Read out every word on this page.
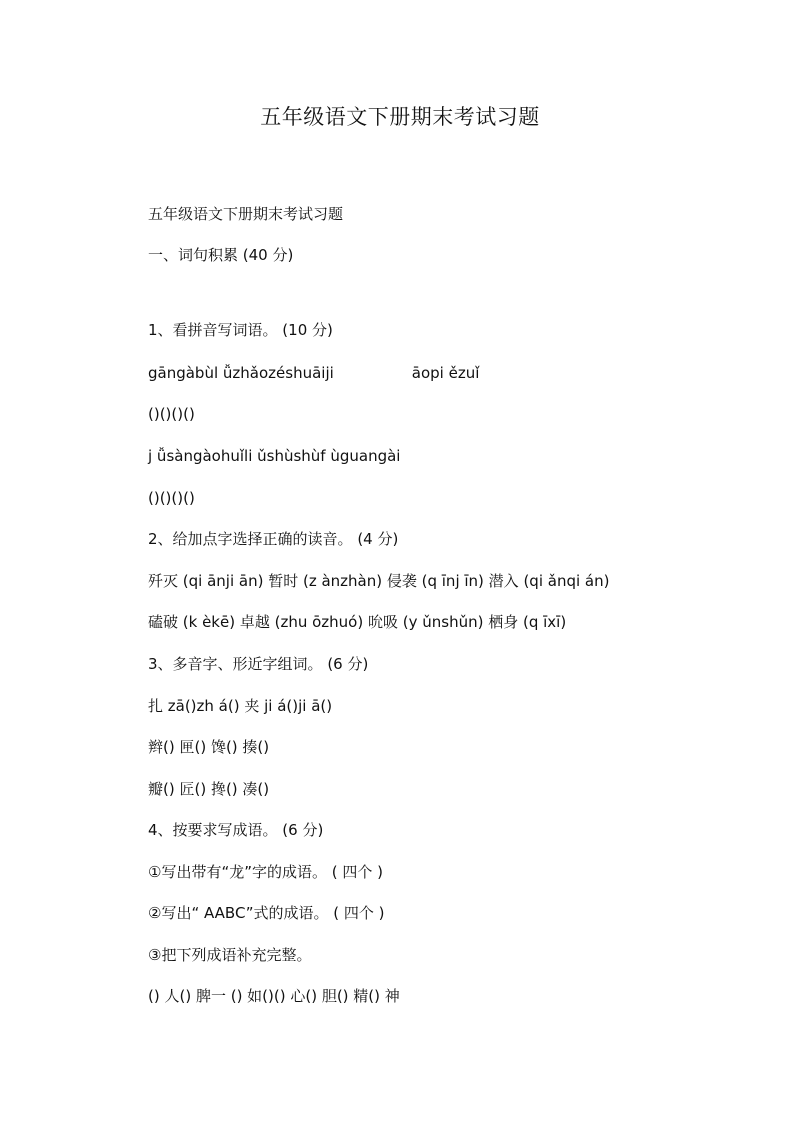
五年级语文下册期末考试习题
五年级语文下册期末考试习题
一、词句积累 (40 分)
1、看拼音写词语。 (10 分)
gāngàbùl ǚzhǎozéshuāiji	āopi ězuǐ
()()()()
j ǚsàngàohuǐli ǔshùshùf ùguangài
()()()()
2、给加点字选择正确的读音。 (4 分)
歼灭 (qi ānji ān) 暂时 (z ànzhàn) 侵袭 (q īnj īn) 潜入 (qi ǎnqi án)
磕破 (k èkē) 卓越 (zhu ōzhuó) 吮吸 (y ǔnshǔn) 栖身 (q īxī)
3、多音字、形近字组词。 (6 分)
扎 zā()zh á() 夹 ji á()ji ā()
辫() 匣() 馋() 揍()
瓣() 匠() 搀() 凑()
4、按要求写成语。 (6 分)
①写出带有“龙”字的成语。 ( 四个 )
②写出“ AABC”式的成语。 ( 四个 )
③把下列成语补充完整。
() 人() 脾一 () 如()() 心() 胆() 精() 神
